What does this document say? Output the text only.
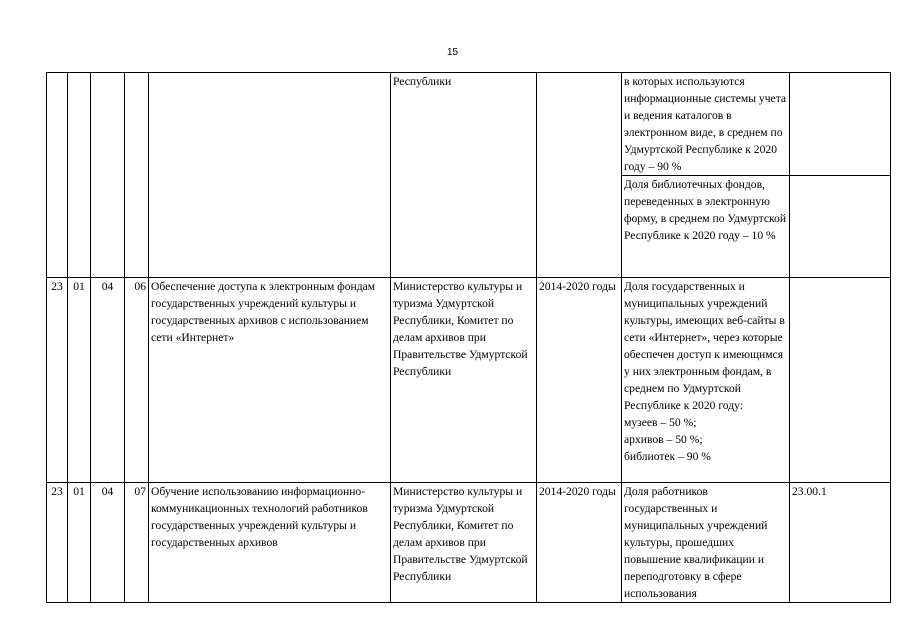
15
					Республики		в которых используются информационные системы учета и ведения каталогов в электронном виде, в среднем по Удмуртской Республике к 2020 году – 90 %
Доля библиотечных фондов, переведенных в электронную форму, в среднем по Удмуртской Республике к 2020 году – 10 %	

23	01	04	06	Обеспечение доступа к электронным фондам государственных учреждений культуры и государственных архивов с использованием сети «Интернет»	Министерство культуры и туризма Удмуртской Республики, Комитет по делам архивов при Правительстве Удмуртской Республики	2014-2020 годы	Доля государственных и муниципальных учреждений культуры, имеющих веб-сайты в сети «Интернет», через которые обеспечен доступ к имеющимся у них электронным фондам, в среднем по Удмуртской Республике к 2020 году:
музеев – 50 %;
архивов – 50 %;
библиотек – 90 %	

23	01	04	07	Обучение использованию информационно-коммуникационных технологий работников государственных учреждений культуры и государственных архивов	Министерство культуры и туризма Удмуртской Республики, Комитет по делам архивов при Правительстве Удмуртской Республики	2014-2020 годы	Доля работников государственных и муниципальных учреждений культуры, прошедших повышение квалификации и переподготовку в сфере использования	23.00.1
